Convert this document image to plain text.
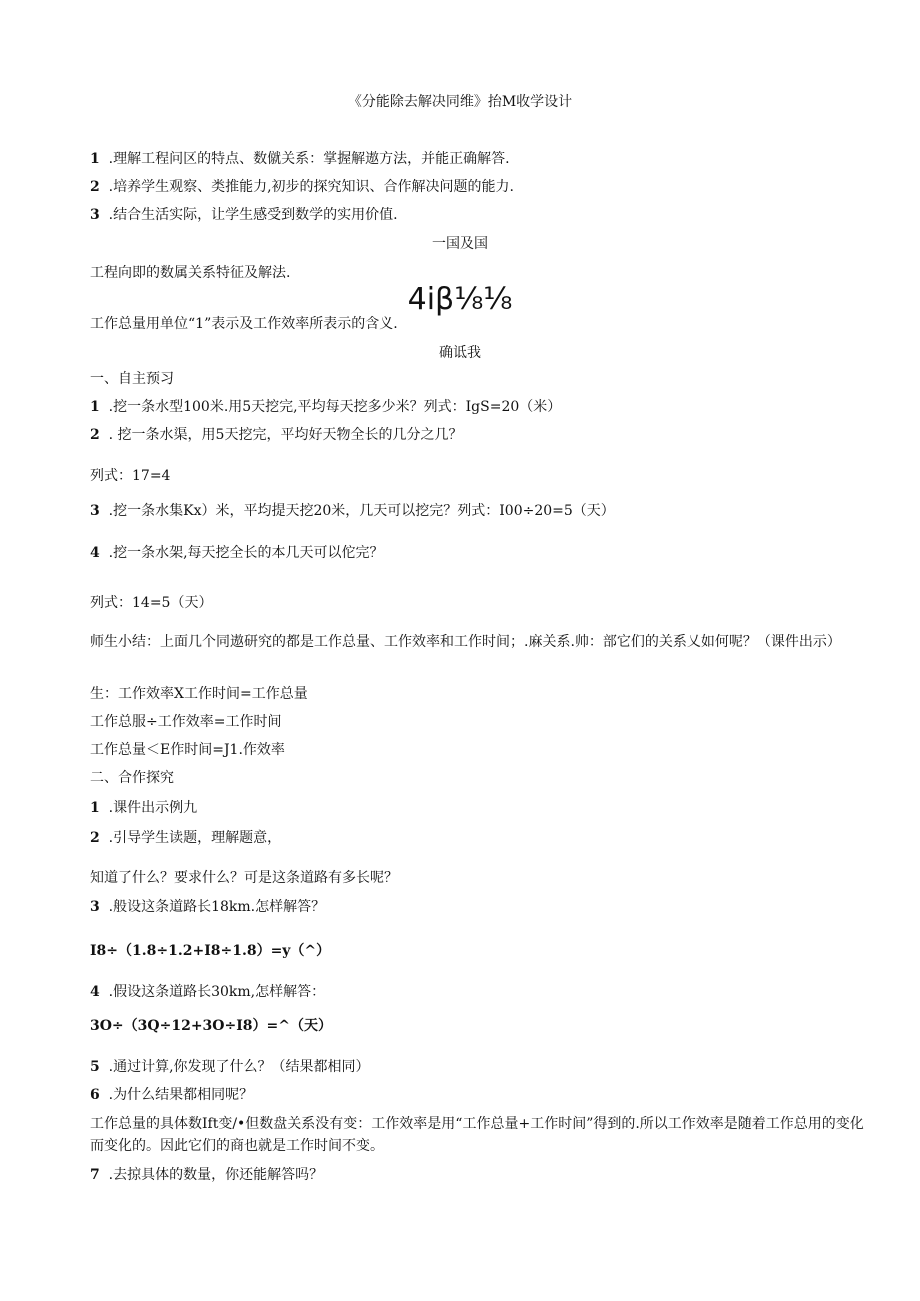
《分能除去解决同维》抬M收学设计
1 .理解工程问区的特点、数僦关系：掌握解遨方法，并能正确解答.
2 .培养学生观察、类推能力,初步的探究知识、合作解决问题的能力.
3 .结合生活实际，让学生感受到数学的实用价值.
一国及国
工程向即的数属关系特征及解法.
4iβ⅛⅛
工作总量用单位“1”表示及工作效率所表示的含义.
确诋我
一、自主预习
1 .挖一条水型100米.用5天挖完,平均每天挖多少米？列式：IgS=20（米）
2 . 挖一条水渠，用5天挖完，平均好天物全长的几分之几？
列式：17=4
3 .挖一条水集Kx）米，平均提天挖20米，几天可以挖完？列式：I00÷20=5（天）
4 .挖一条水架,每天挖全长的本几天可以佗完？
列式：14=5（天）
师生小结：上面几个同遨研究的都是工作总量、工作效率和工作时间；.麻关系.帅：部它们的关系乂如何呢？（课件出示）
生：工作效率X工作时间=工作总量
工作总服÷工作效率=工作时间
工作总量＜E作时间=J1.作效率
二、合作探究
1 .课件出示例九
2 .引导学生读题，理解题意，
知道了什么？要求什么？可是这条道路有多长呢？
3 .般设这条道路长18km.怎样解答？
I8÷（1.8÷1.2+I8÷1.8）=y（^）
4 .假设这条道路长30km,怎样解答：
3O÷（3Q÷12+3O÷I8）=^（天）
5 .通过计算,你发现了什么？（结果都相同）
6 .为什么结果都相同呢？
工作总量的具体数Ift变/•但数盘关系没有变：工作效率是用“工作总量+工作时间”得到的.所以工作效率是随着工作总用的变化而变化的。因此它们的商也就是工作时间不变。
7 .去掠具体的数量，你还能解答吗？
